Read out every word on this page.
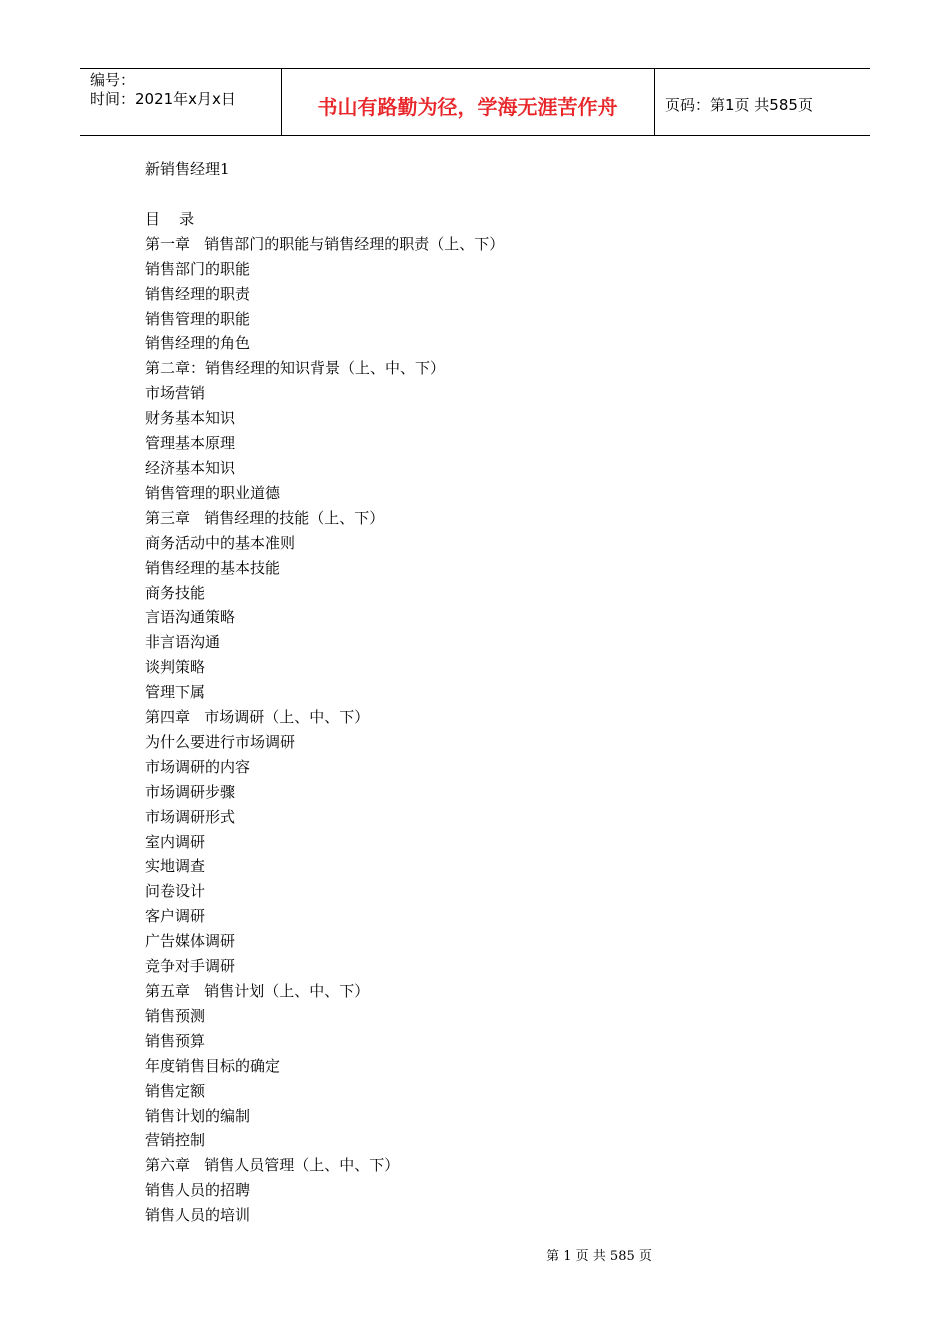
编号：
时间：2021年x月x日	书山有路勤为径，学海无涯苦作舟	页码：第1页 共585页
新销售经理1
目    录
第一章   销售部门的职能与销售经理的职责（上、下）
销售部门的职能
销售经理的职责
销售管理的职能
销售经理的角色
第二章：销售经理的知识背景（上、中、下）
市场营销
财务基本知识
管理基本原理
经济基本知识
销售管理的职业道德
第三章   销售经理的技能（上、下）
商务活动中的基本准则
销售经理的基本技能
商务技能
言语沟通策略
非言语沟通
谈判策略
管理下属
第四章   市场调研（上、中、下）
为什么要进行市场调研
市场调研的内容
市场调研步骤
市场调研形式
室内调研
实地调查
问卷设计
客户调研
广告媒体调研
竞争对手调研
第五章   销售计划（上、中、下）
销售预测
销售预算
年度销售目标的确定
销售定额
销售计划的编制
营销控制
第六章   销售人员管理（上、中、下）
销售人员的招聘
销售人员的培训
第 1 页 共 585 页
